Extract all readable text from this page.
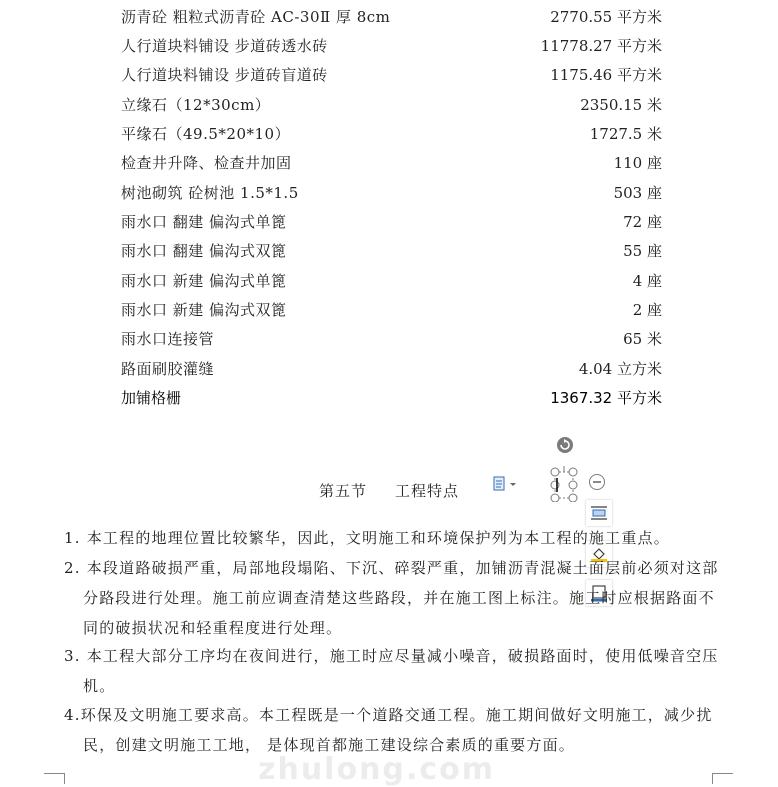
沥青砼 粗粒式沥青砼 AC-30Ⅱ 厚 8cm	2770.55 平方米
人行道块料铺设 步道砖透水砖	11778.27 平方米
人行道块料铺设 步道砖盲道砖	1175.46 平方米
立缘石（12*30cm）	2350.15 米
平缘石（49.5*20*10）	1727.5 米
检查井升降、检查井加固	110 座
树池砌筑 砼树池 1.5*1.5	503 座
雨水口 翻建 偏沟式单篦	72 座
雨水口 翻建 偏沟式双篦	55 座
雨水口 新建 偏沟式单篦	4 座
雨水口 新建 偏沟式双篦	2 座
雨水口连接管	65 米
路面刷胶灌缝	4.04 立方米
加铺格栅	1367.32 平方米
第五节 工程特点
1. 本工程的地理位置比较繁华，因此，文明施工和环境保护列为本工程的施工重点。
2. 本段道路破损严重，局部地段塌陷、下沉、碎裂严重，加铺沥青混凝土面层前必须对这部
分路段进行处理。施工前应调查清楚这些路段，并在施工图上标注。施工时应根据路面不
同的破损状况和轻重程度进行处理。
3. 本工程大部分工序均在夜间进行，施工时应尽量减小噪音，破损路面时，使用低噪音空压
机。
4.环保及文明施工要求高。本工程既是一个道路交通工程。施工期间做好文明施工，减少扰
民，创建文明施工工地， 是体现首都施工建设综合素质的重要方面。
zhulong.com
